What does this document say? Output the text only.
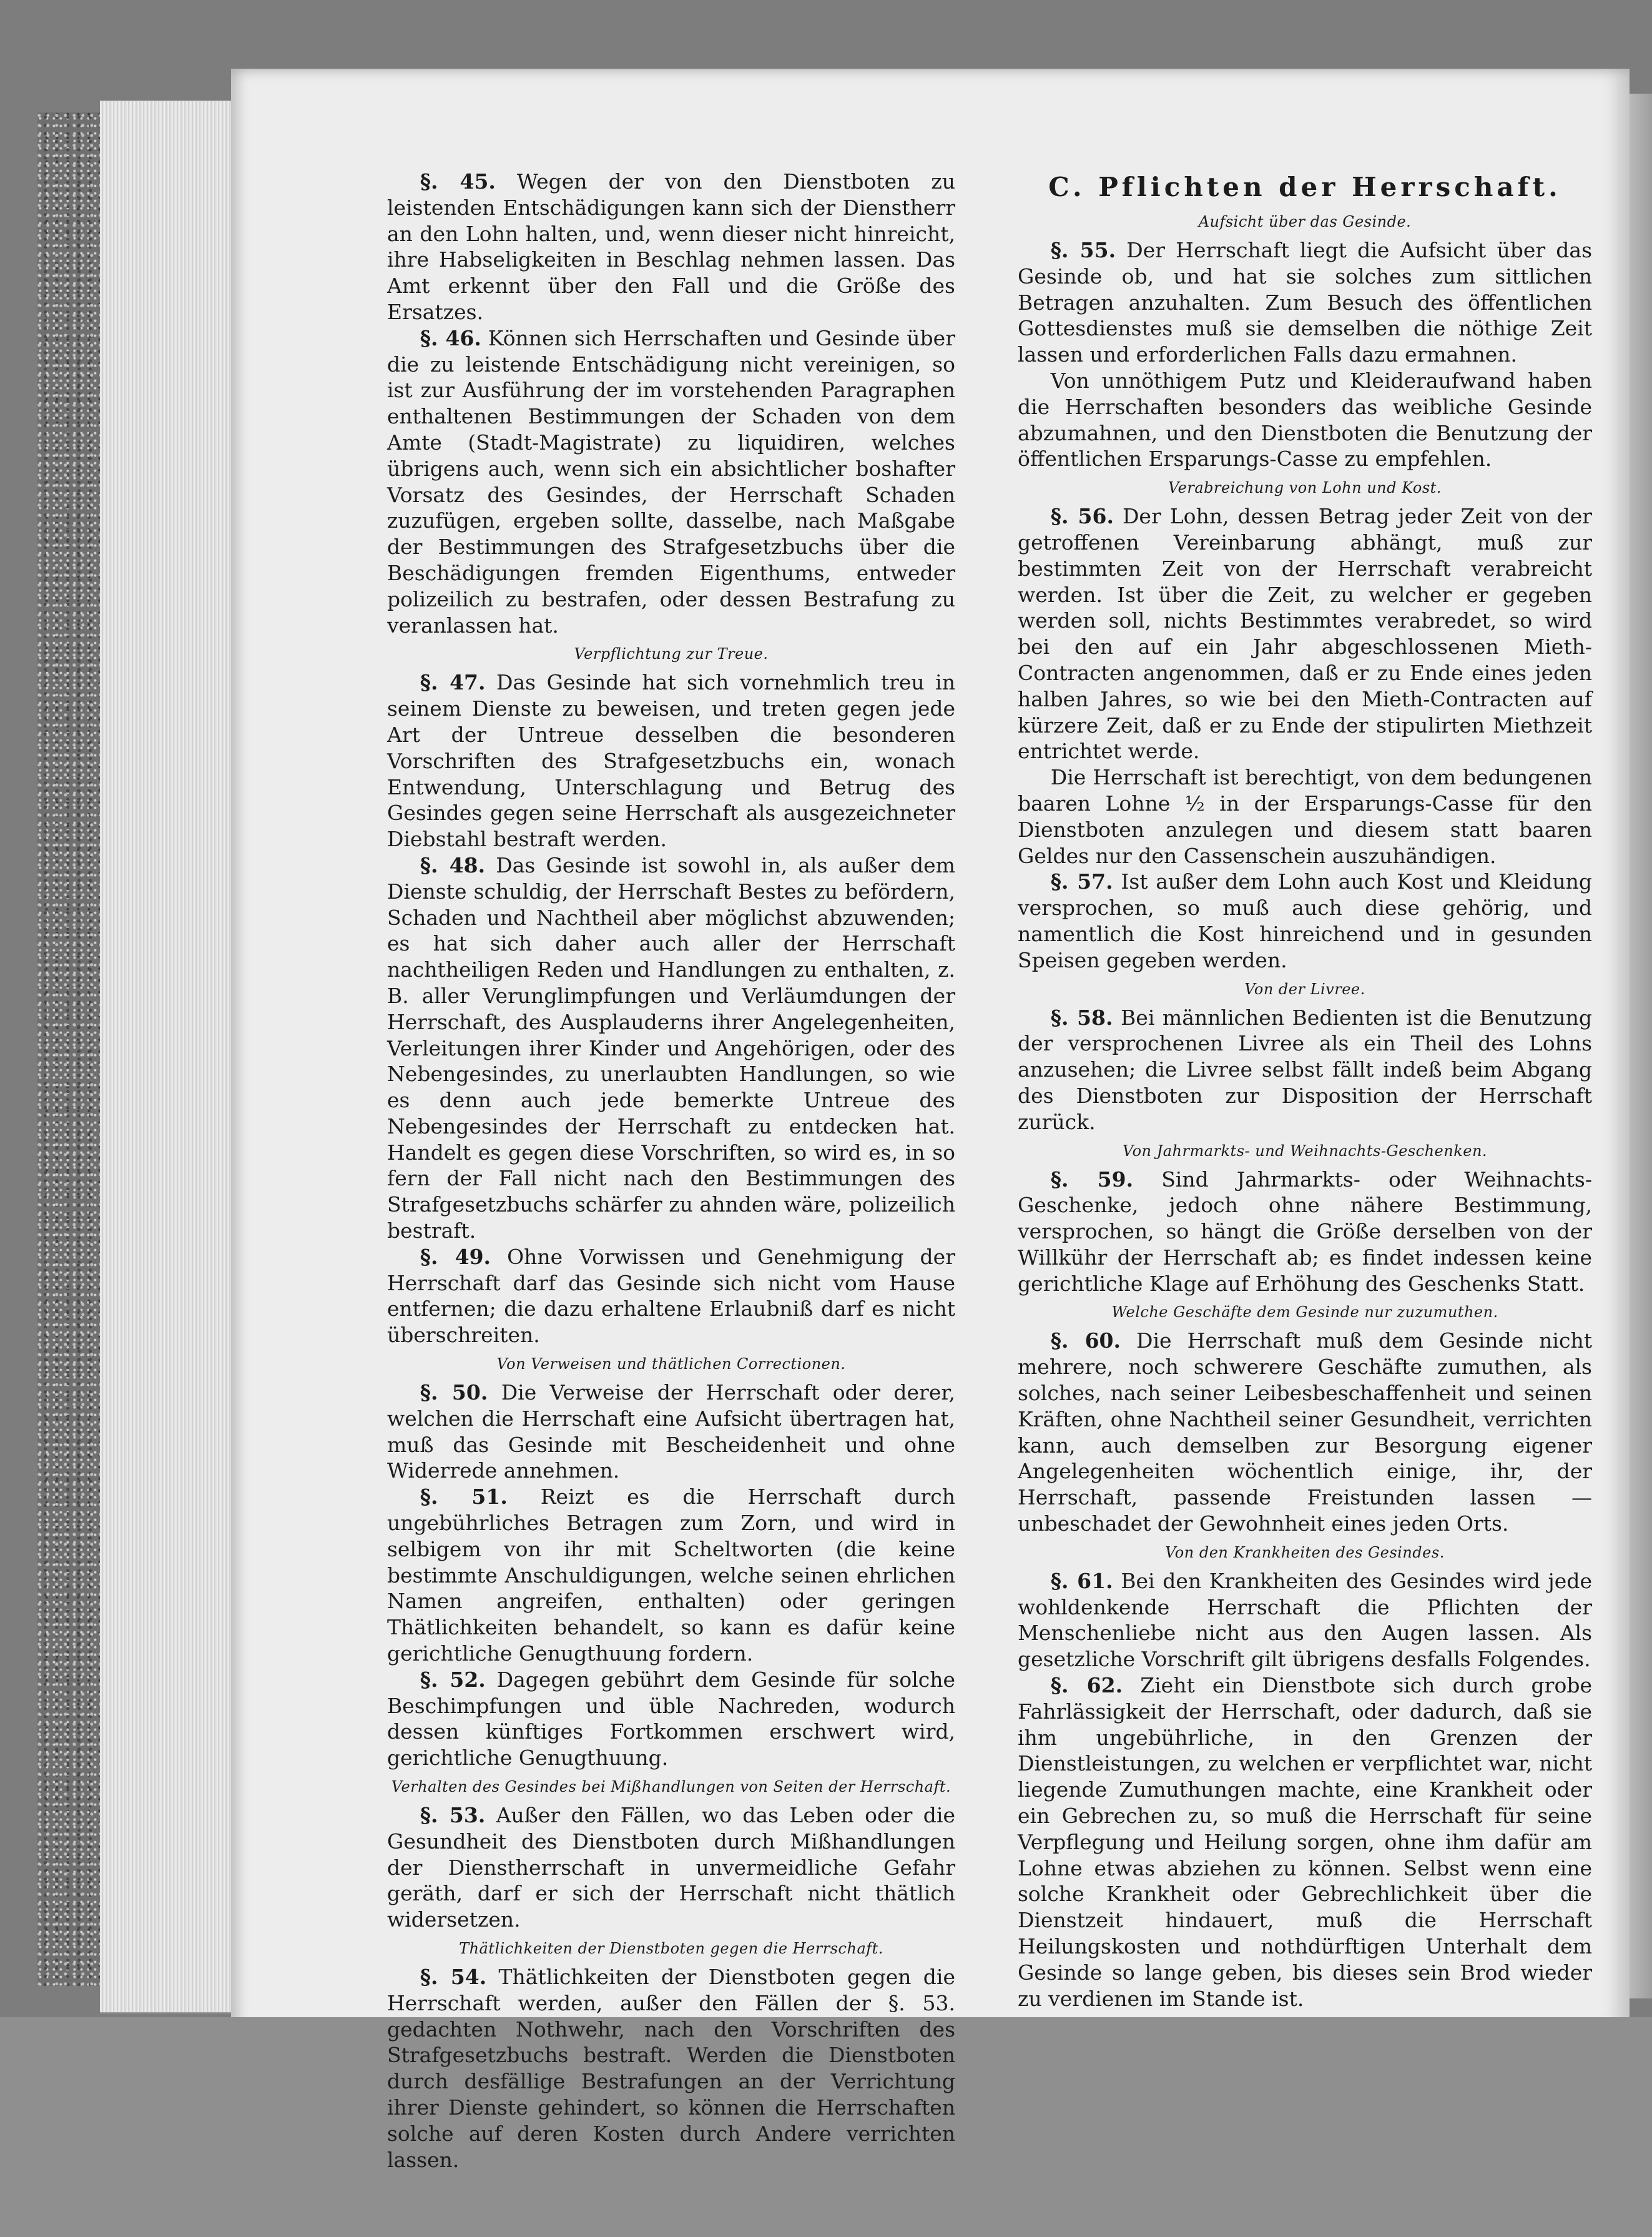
§. 45. Wegen der von den Dienstboten zu leistenden Entschädigungen kann sich der Dienstherr an den Lohn halten, und, wenn dieser nicht hinreicht, ihre Habseligkeiten in Beschlag nehmen lassen. Das Amt erkennt über den Fall und die Größe des Ersatzes.

§. 46. Können sich Herrschaften und Gesinde über die zu leistende Entschädigung nicht vereinigen, so ist zur Ausführung der im vorstehenden Paragraphen enthaltenen Bestimmungen der Schaden von dem Amte (Stadt-Magistrate) zu liquidiren, welches übrigens auch, wenn sich ein absichtlicher boshafter Vorsatz des Gesindes, der Herrschaft Schaden zuzufügen, ergeben sollte, dasselbe, nach Maßgabe der Bestimmungen des Strafgesetzbuchs über die Beschädigungen fremden Eigenthums, entweder polizeilich zu bestrafen, oder dessen Bestrafung zu veranlassen hat.

Verpflichtung zur Treue.

§. 47. Das Gesinde hat sich vornehmlich treu in seinem Dienste zu beweisen, und treten gegen jede Art der Untreue desselben die besonderen Vorschriften des Strafgesetzbuchs ein, wonach Entwendung, Unterschlagung und Betrug des Gesindes gegen seine Herrschaft als ausgezeichneter Diebstahl bestraft werden.

§. 48. Das Gesinde ist sowohl in, als außer dem Dienste schuldig, der Herrschaft Bestes zu befördern, Schaden und Nachtheil aber möglichst abzuwenden; es hat sich daher auch aller der Herrschaft nachtheiligen Reden und Handlungen zu enthalten, z. B. aller Verunglimpfungen und Verläumdungen der Herrschaft, des Ausplauderns ihrer Angelegenheiten, Verleitungen ihrer Kinder und Angehörigen, oder des Nebengesindes, zu unerlaubten Handlungen, so wie es denn auch jede bemerkte Untreue des Nebengesindes der Herrschaft zu entdecken hat. Handelt es gegen diese Vorschriften, so wird es, in so fern der Fall nicht nach den Bestimmungen des Strafgesetzbuchs schärfer zu ahnden wäre, polizeilich bestraft.

§. 49. Ohne Vorwissen und Genehmigung der Herrschaft darf das Gesinde sich nicht vom Hause entfernen; die dazu erhaltene Erlaubniß darf es nicht überschreiten.

Von Verweisen und thätlichen Correctionen.

§. 50. Die Verweise der Herrschaft oder derer, welchen die Herrschaft eine Aufsicht übertragen hat, muß das Gesinde mit Bescheidenheit und ohne Widerrede annehmen.

§. 51. Reizt es die Herrschaft durch ungebührliches Betragen zum Zorn, und wird in selbigem von ihr mit Scheltworten (die keine bestimmte Anschuldigungen, welche seinen ehrlichen Namen angreifen, enthalten) oder geringen Thätlichkeiten behandelt, so kann es dafür keine gerichtliche Genugthuung fordern.

§. 52. Dagegen gebührt dem Gesinde für solche Beschimpfungen und üble Nachreden, wodurch dessen künftiges Fortkommen erschwert wird, gerichtliche Genugthuung.

Verhalten des Gesindes bei Mißhandlungen von Seiten der Herrschaft.

§. 53. Außer den Fällen, wo das Leben oder die Gesundheit des Dienstboten durch Mißhandlungen der Dienstherrschaft in unvermeidliche Gefahr geräth, darf er sich der Herrschaft nicht thätlich widersetzen.

Thätlichkeiten der Dienstboten gegen die Herrschaft.

§. 54. Thätlichkeiten der Dienstboten gegen die Herrschaft werden, außer den Fällen der §. 53. gedachten Nothwehr, nach den Vorschriften des Strafgesetzbuchs bestraft. Werden die Dienstboten durch desfällige Bestrafungen an der Verrichtung ihrer Dienste gehindert, so können die Herrschaften solche auf deren Kosten durch Andere verrichten lassen.

C. Pflichten der Herrschaft.

Aufsicht über das Gesinde.

§. 55. Der Herrschaft liegt die Aufsicht über das Gesinde ob, und hat sie solches zum sittlichen Betragen anzuhalten. Zum Besuch des öffentlichen Gottesdienstes muß sie demselben die nöthige Zeit lassen und erforderlichen Falls dazu ermahnen.

Von unnöthigem Putz und Kleideraufwand haben die Herrschaften besonders das weibliche Gesinde abzumahnen, und den Dienstboten die Benutzung der öffentlichen Ersparungs-Casse zu empfehlen.

Verabreichung von Lohn und Kost.

§. 56. Der Lohn, dessen Betrag jeder Zeit von der getroffenen Vereinbarung abhängt, muß zur bestimmten Zeit von der Herrschaft verabreicht werden. Ist über die Zeit, zu welcher er gegeben werden soll, nichts Bestimmtes verabredet, so wird bei den auf ein Jahr abgeschlossenen Mieth-Contracten angenommen, daß er zu Ende eines jeden halben Jahres, so wie bei den Mieth-Contracten auf kürzere Zeit, daß er zu Ende der stipulirten Miethzeit entrichtet werde.

Die Herrschaft ist berechtigt, von dem bedungenen baaren Lohne ½ in der Ersparungs-Casse für den Dienstboten anzulegen und diesem statt baaren Geldes nur den Cassenschein auszuhändigen.

§. 57. Ist außer dem Lohn auch Kost und Kleidung versprochen, so muß auch diese gehörig, und namentlich die Kost hinreichend und in gesunden Speisen gegeben werden.

Von der Livree.

§. 58. Bei männlichen Bedienten ist die Benutzung der versprochenen Livree als ein Theil des Lohns anzusehen; die Livree selbst fällt indeß beim Abgang des Dienstboten zur Disposition der Herrschaft zurück.

Von Jahrmarkts- und Weihnachts-Geschenken.

§. 59. Sind Jahrmarkts- oder Weihnachts-Geschenke, jedoch ohne nähere Bestimmung, versprochen, so hängt die Größe derselben von der Willkühr der Herrschaft ab; es findet indessen keine gerichtliche Klage auf Erhöhung des Geschenks Statt.

Welche Geschäfte dem Gesinde nur zuzumuthen.

§. 60. Die Herrschaft muß dem Gesinde nicht mehrere, noch schwerere Geschäfte zumuthen, als solches, nach seiner Leibesbeschaffenheit und seinen Kräften, ohne Nachtheil seiner Gesundheit, verrichten kann, auch demselben zur Besorgung eigener Angelegenheiten wöchentlich einige, ihr, der Herrschaft, passende Freistunden lassen — unbeschadet der Gewohnheit eines jeden Orts.

Von den Krankheiten des Gesindes.

§. 61. Bei den Krankheiten des Gesindes wird jede wohldenkende Herrschaft die Pflichten der Menschenliebe nicht aus den Augen lassen. Als gesetzliche Vorschrift gilt übrigens desfalls Folgendes.

§. 62. Zieht ein Dienstbote sich durch grobe Fahrlässigkeit der Herrschaft, oder dadurch, daß sie ihm ungebührliche, in den Grenzen der Dienstleistungen, zu welchen er verpflichtet war, nicht liegende Zumuthungen machte, eine Krankheit oder ein Gebrechen zu, so muß die Herrschaft für seine Verpflegung und Heilung sorgen, ohne ihm dafür am Lohne etwas abziehen zu können. Selbst wenn eine solche Krankheit oder Gebrechlichkeit über die Dienstzeit hindauert, muß die Herrschaft Heilungskosten und nothdürftigen Unterhalt dem Gesinde so lange geben, bis dieses sein Brod wieder zu verdienen im Stande ist.
